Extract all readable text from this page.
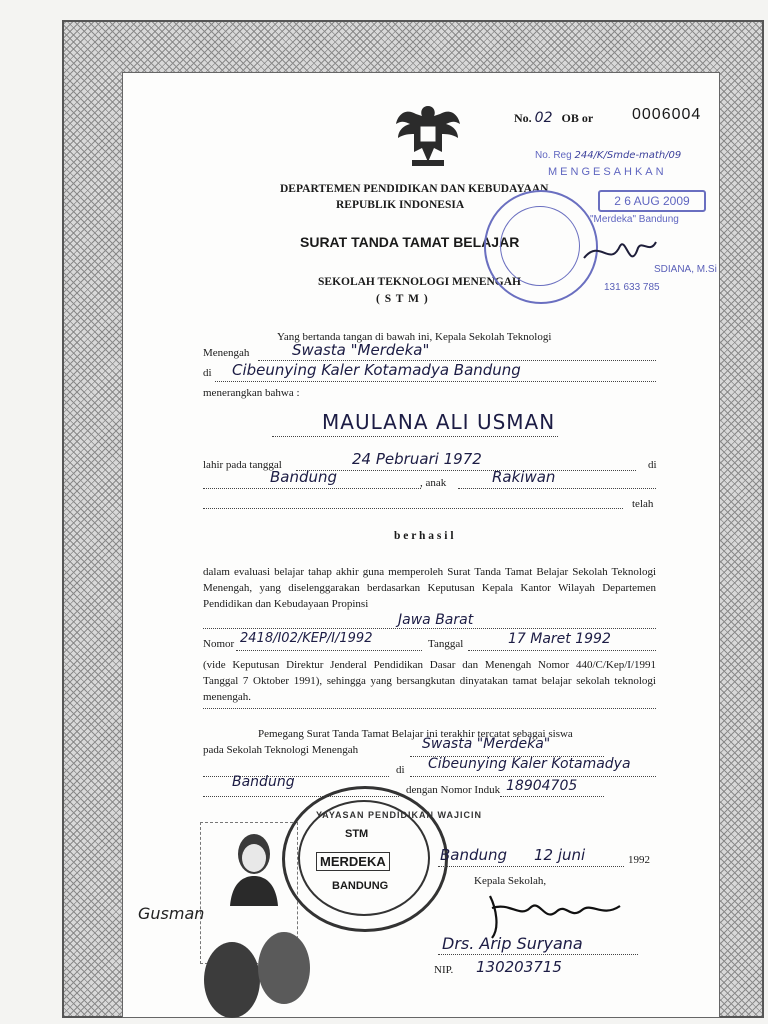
No. 02 OB or 0006004
DEPARTEMEN PENDIDIKAN DAN KEBUDAYAAN
REPUBLIK INDONESIA
SURAT TANDA TAMAT BELAJAR
SEKOLAH TEKNOLOGI MENENGAH
( S T M )
No. Reg 244/K/Smde-math/09
MENGESAHKAN
2 6 AUG 2009
"Merdeka" Bandung
SDIANA, M.Si
131 633 785
Yang bertanda tangan di bawah ini, Kepala Sekolah Teknologi
Menengah	Swasta "Merdeka"
di Cibeunying Kaler Kotamadya Bandung
menerangkan bahwa :
MAULANA ALI USMAN
lahir pada tanggal	24 Pebruari 1972	di
Bandung	, anak	Rakiwan
telah
b e r h a s i l
dalam evaluasi belajar tahap akhir guna memperoleh Surat Tanda Tamat Belajar Sekolah Teknologi Menengah, yang diselenggarakan berdasarkan Keputusan Kepala Kantor Wilayah Departemen Pendidikan dan Kebudayaan Propinsi
Jawa Barat
Nomor 2418/I02/KEP/I/1992	Tanggal	17 Maret 1992
(vide Keputusan Direktur Jenderal Pendidikan Dasar dan Menengah Nomor 440/C/Kep/I/1991 Tanggal 7 Oktober 1991), sehingga yang bersangkutan dinyatakan tamat belajar sekolah teknologi menengah.
Pemegang Surat Tanda Tamat Belajar ini terakhir tercatat sebagai siswa
pada Sekolah Teknologi Menengah	Swasta "Merdeka"
di Cibeunying Kaler Kotamadya
Bandung	dengan Nomor Induk 18904705
Gusman
YAYASAN PENDIDIKAN WAJICIN
STM
MERDEKA
BANDUNG
Bandung 12 juni	1992
Kepala Sekolah,
Drs. Arip Suryana
NIP. 130203715
